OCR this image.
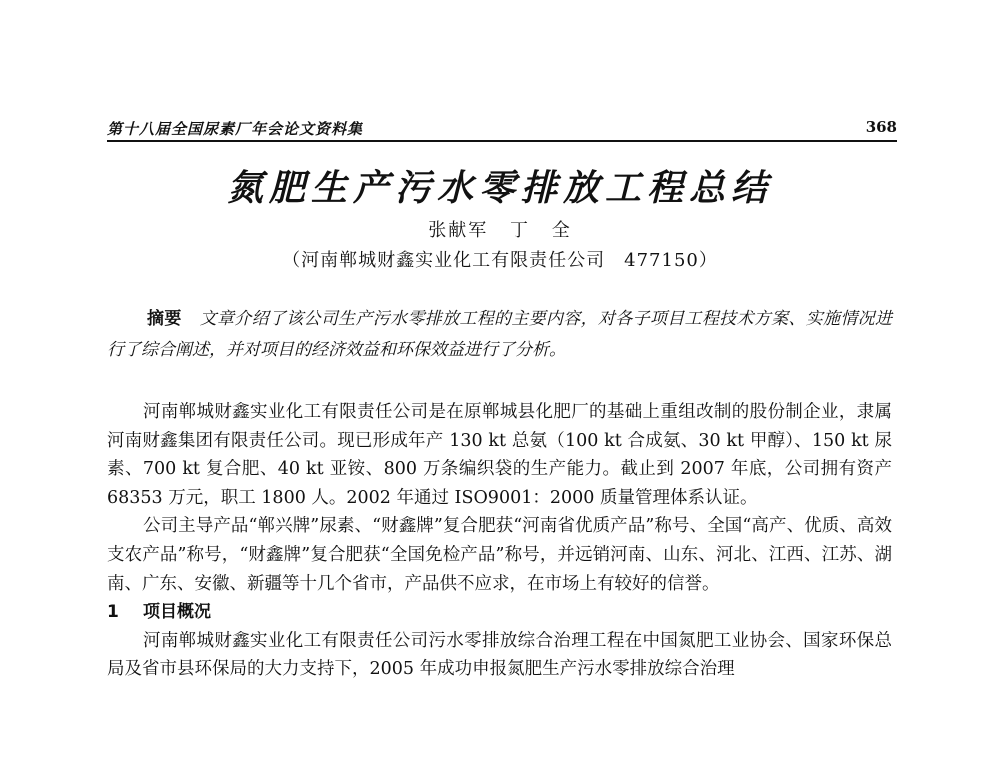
第十八届全国尿素厂年会论文资料集	368
氮肥生产污水零排放工程总结
张献军 丁 全
（河南郸城财鑫实业化工有限责任公司　477150）
摘要 文章介绍了该公司生产污水零排放工程的主要内容，对各子项目工程技术方案、实施情况进行了综合阐述，并对项目的经济效益和环保效益进行了分析。

河南郸城财鑫实业化工有限责任公司是在原郸城县化肥厂的基础上重组改制的股份制企业，隶属河南财鑫集团有限责任公司。现已形成年产 130 kt 总氨（100 kt 合成氨、30 kt 甲醇）、150 kt 尿素、700 kt 复合肥、40 kt 亚铵、800 万条编织袋的生产能力。截止到 2007 年底，公司拥有资产 68353 万元，职工 1800 人。2002 年通过 ISO9001：2000 质量管理体系认证。

公司主导产品“郸兴牌”尿素、“财鑫牌”复合肥获“河南省优质产品”称号、全国“高产、优质、高效支农产品”称号，“财鑫牌”复合肥获“全国免检产品”称号，并远销河南、山东、河北、江西、江苏、湖南、广东、安徽、新疆等十几个省市，产品供不应求，在市场上有较好的信誉。

1 项目概况

河南郸城财鑫实业化工有限责任公司污水零排放综合治理工程在中国氮肥工业协会、国家环保总局及省市县环保局的大力支持下，2005 年成功申报氮肥生产污水零排放综合治理
